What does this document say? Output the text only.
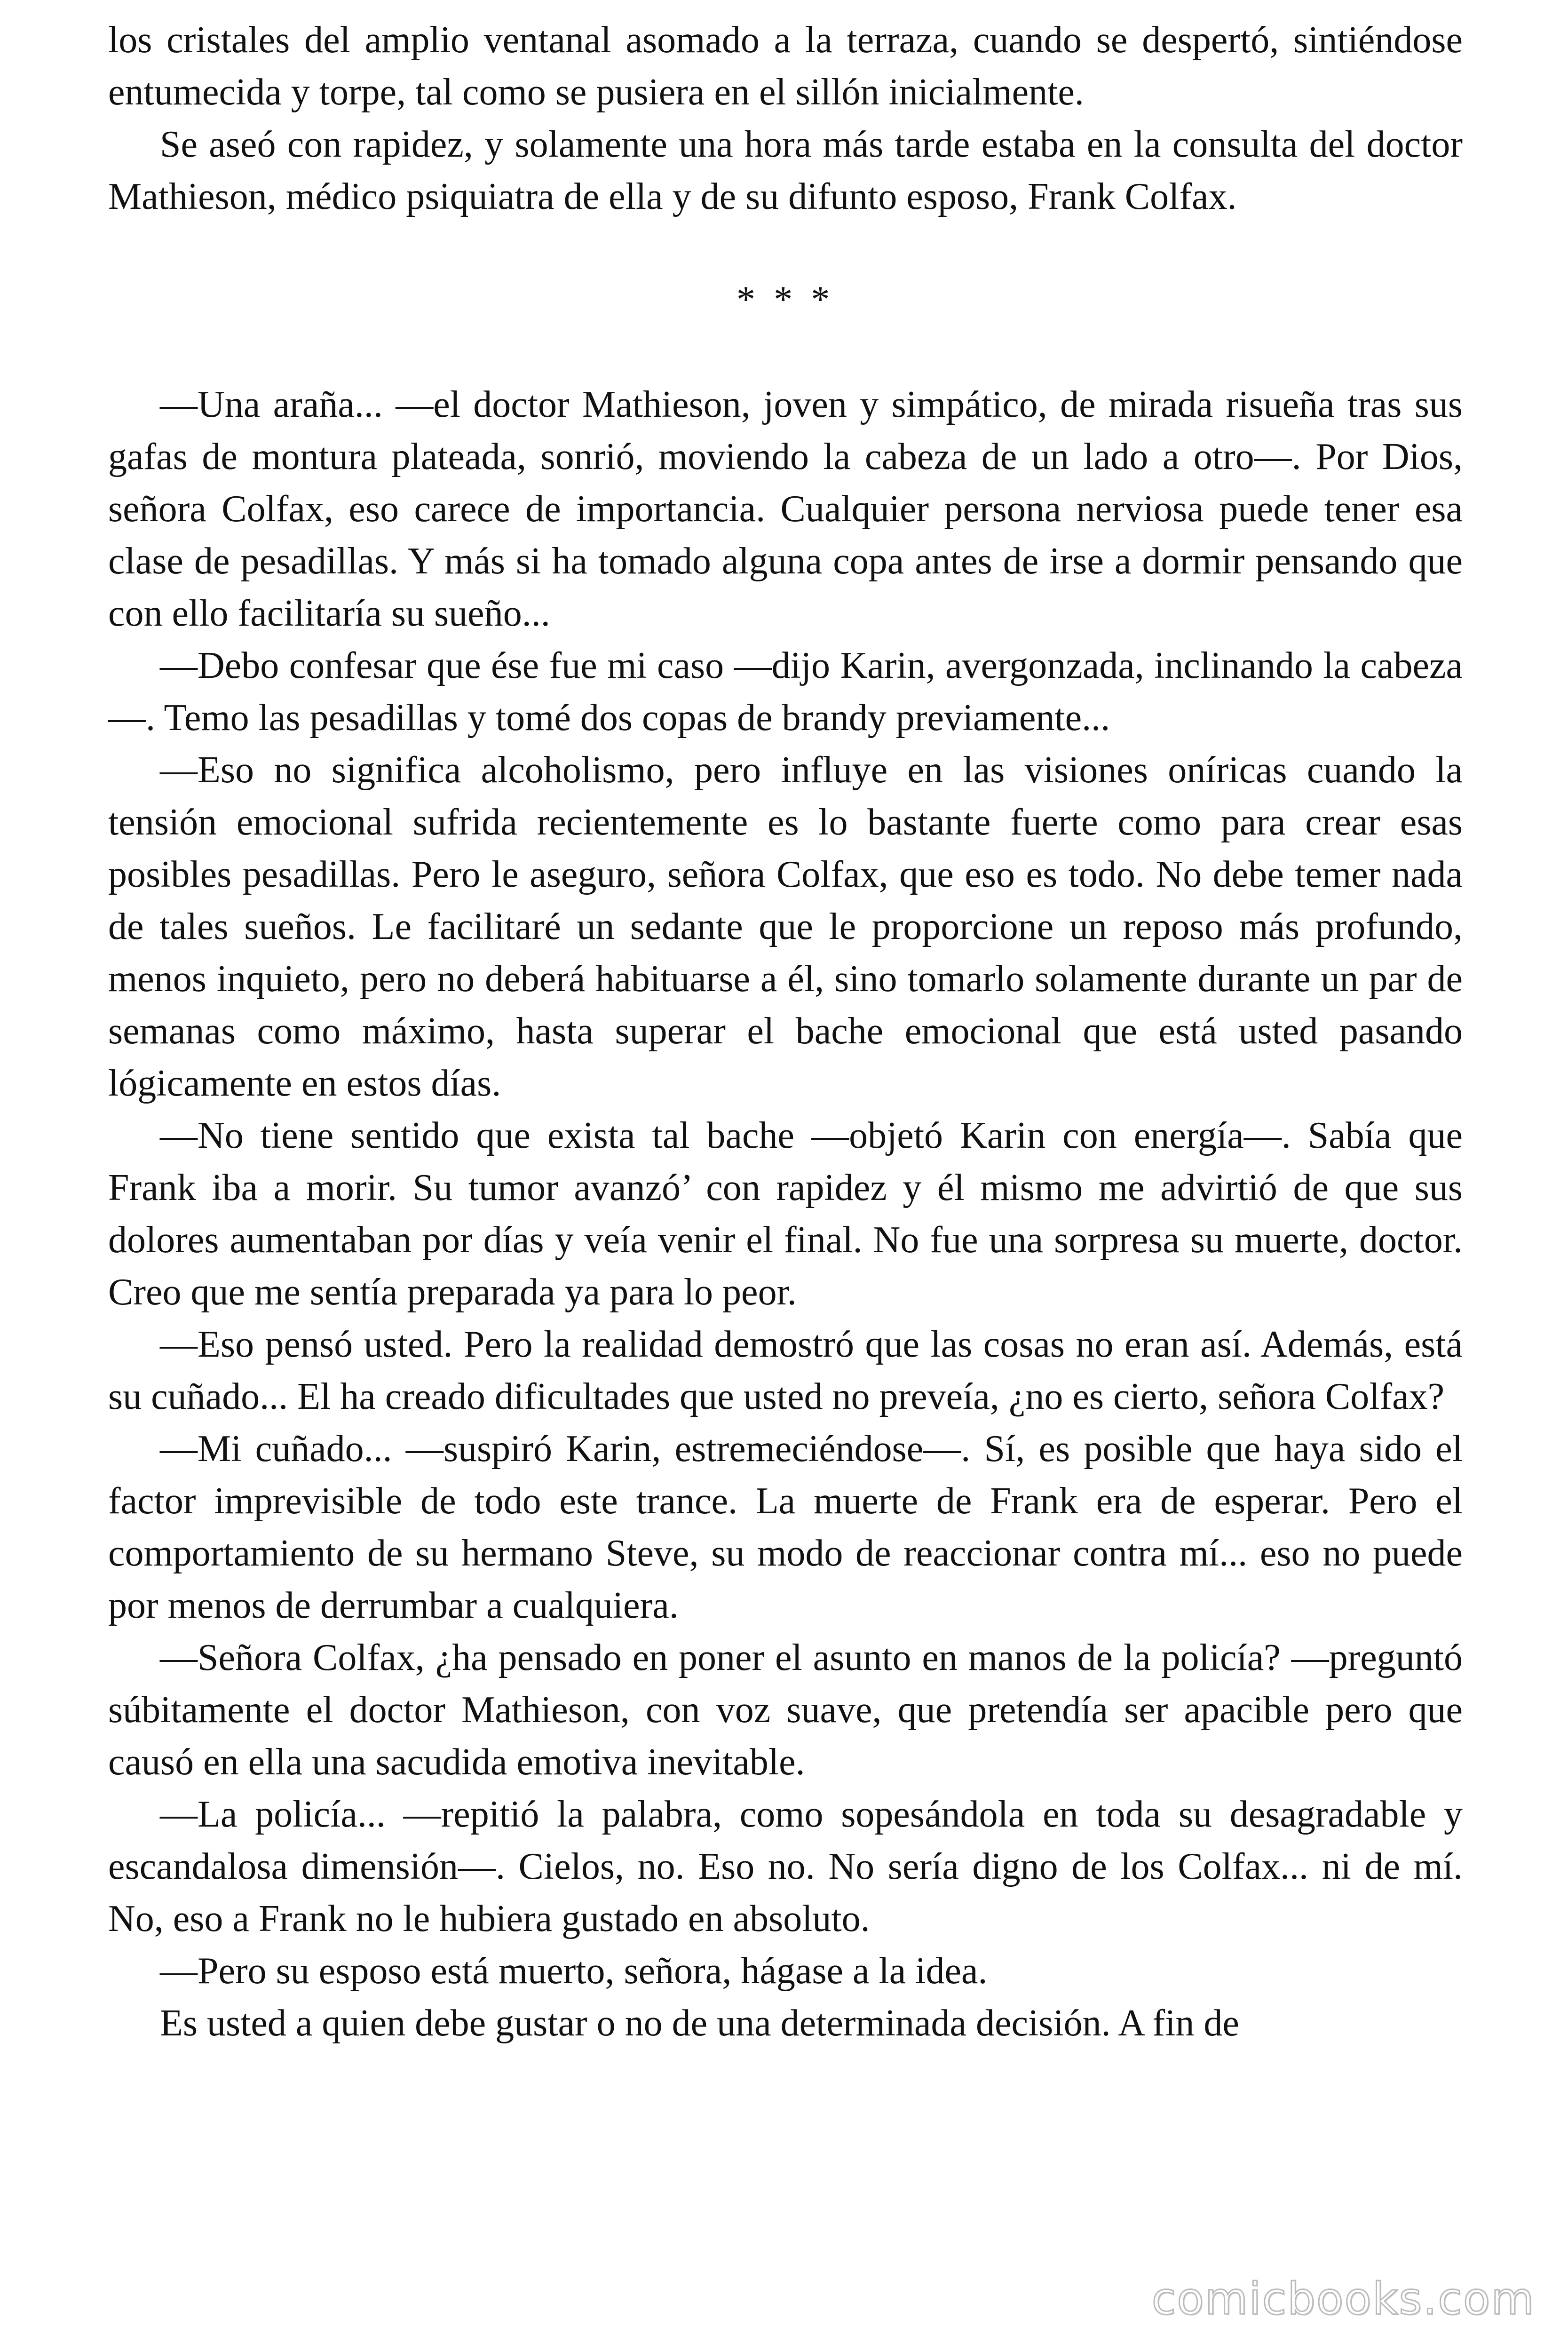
los cristales del amplio ventanal asomado a la terraza, cuando se despertó, sintiéndose entumecida y torpe, tal como se pusiera en el sillón inicialmente.

Se aseó con rapidez, y solamente una hora más tarde estaba en la consulta del doctor Mathieson, médico psiquiatra de ella y de su difunto esposo, Frank Colfax.

* * *

—Una araña... —el doctor Mathieson, joven y simpático, de mirada risueña tras sus gafas de montura plateada, sonrió, moviendo la cabeza de un lado a otro—. Por Dios, señora Colfax, eso carece de importancia. Cualquier persona nerviosa puede tener esa clase de pesadillas. Y más si ha tomado alguna copa antes de irse a dormir pensando que con ello facilitaría su sueño...

—Debo confesar que ése fue mi caso —dijo Karin, avergonzada, inclinando la cabeza—. Temo las pesadillas y tomé dos copas de brandy previamente...

—Eso no significa alcoholismo, pero influye en las visiones oníricas cuando la tensión emocional sufrida recientemente es lo bastante fuerte como para crear esas posibles pesadillas. Pero le aseguro, señora Colfax, que eso es todo. No debe temer nada de tales sueños. Le facilitaré un sedante que le proporcione un reposo más profundo, menos inquieto, pero no deberá habituarse a él, sino tomarlo solamente durante un par de semanas como máximo, hasta superar el bache emocional que está usted pasando lógicamente en estos días.

—No tiene sentido que exista tal bache —objetó Karin con energía—. Sabía que Frank iba a morir. Su tumor avanzó’ con rapidez y él mismo me advirtió de que sus dolores aumentaban por días y veía venir el final. No fue una sorpresa su muerte, doctor. Creo que me sentía preparada ya para lo peor.

—Eso pensó usted. Pero la realidad demostró que las cosas no eran así. Además, está su cuñado... El ha creado dificultades que usted no preveía, ¿no es cierto, señora Colfax?

—Mi cuñado... —suspiró Karin, estremeciéndose—. Sí, es posible que haya sido el factor imprevisible de todo este trance. La muerte de Frank era de esperar. Pero el comportamiento de su hermano Steve, su modo de reaccionar contra mí... eso no puede por menos de derrumbar a cualquiera.

—Señora Colfax, ¿ha pensado en poner el asunto en manos de la policía? —preguntó súbitamente el doctor Mathieson, con voz suave, que pretendía ser apacible pero que causó en ella una sacudida emotiva inevitable.

—La policía... —repitió la palabra, como sopesándola en toda su desagradable y escandalosa dimensión—. Cielos, no. Eso no. No sería digno de los Colfax... ni de mí. No, eso a Frank no le hubiera gustado en absoluto.

—Pero su esposo está muerto, señora, hágase a la idea.

Es usted a quien debe gustar o no de una determinada decisión. A fin de

comicbooks.com
